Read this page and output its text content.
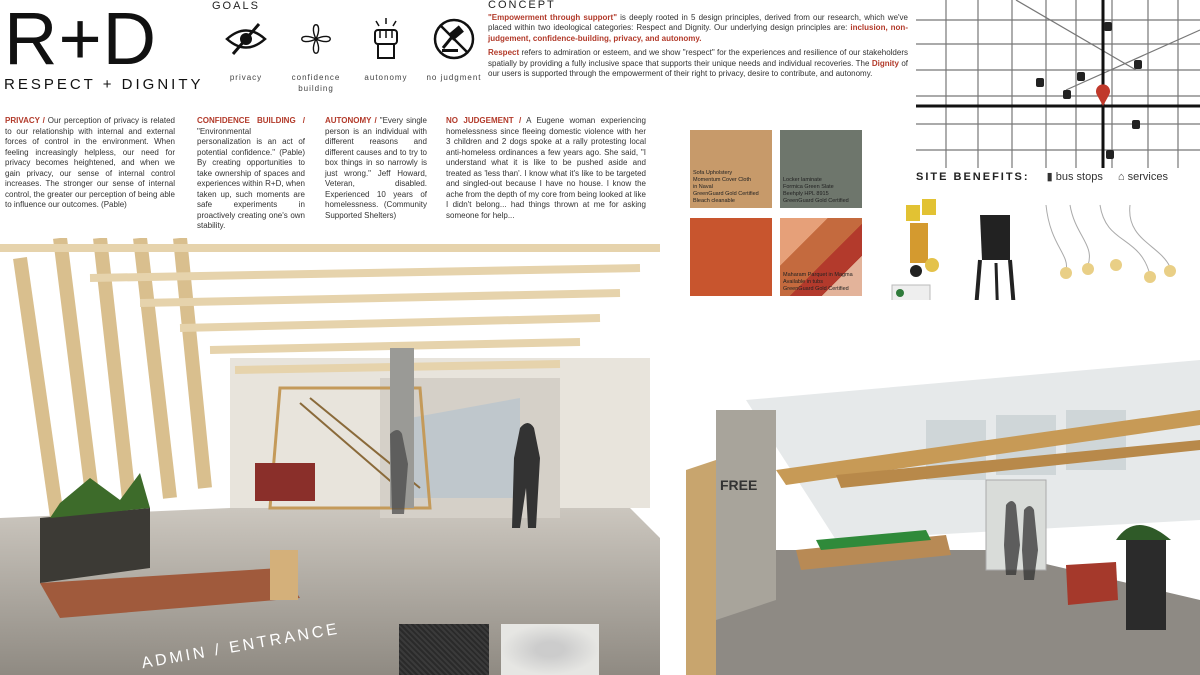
R+D
RESPECT + DIGNITY
GOALS
privacy	confidence building
autonomy	no judgment
CONCEPT

"Empowerment through support" is deeply rooted in 5 design principles, derived from our research, which we've placed within two ideological categories: Respect and Dignity. Our underlying design principles are: inclusion, non-judgement, confidence-building, privacy, and autonomy.

Respect refers to admiration or esteem, and we show "respect" for the experiences and resilience of our stakeholders spatially by providing a fully inclusive space that supports their unique needs and individual recoveries. The Dignity of our users is supported through the empowerment of their right to privacy, desire to contribute, and autonomy.

PRIVACY / Our perception of privacy is related to our relationship with internal and external forces of control in the environment. When feeling increasingly helpless, our need for privacy becomes heightened, and when we gain privacy, our sense of internal control increases. The stronger our sense of internal control, the greater our perception of being able to influence our outcomes. (Pable)
CONFIDENCE BUILDING / "Environmental personalization is an act of potential confidence." (Pable) By creating opportunities to take ownership of spaces and experiences within R+D, when taken up, such moments are safe experiments in proactively creating one's own stability.
AUTONOMY / "Every single person is an individual with different reasons and different causes and to try to box things in so narrowly is just wrong." Jeff Howard, Veteran, disabled. Experienced 10 years of homelessness. (Community Supported Shelters)
NO JUDGEMENT / A Eugene woman experiencing homelessness since fleeing domestic violence with her 3 children and 2 dogs spoke at a rally protesting local anti-homeless ordinances a few years ago. She said, "I understand what it is like to be pushed aside and treated as 'less than'. I know what it's like to be targeted and singled-out because I have no house. I know the ache from the depth of my core from being looked at like I didn't belong... had things thrown at me for asking someone for help...
SITE BENEFITS: ▮ bus stops ⌂ services
Sofa Upholstery
Momentum Cover Cloth
in Naval
GreenGuard Gold Certified
Bleach cleanable
Locker laminate
Formica Green Slate
Beehply HPL 8915
GreenGuard Gold Certified
Maharam Parquet in Magma
Available in tubs
GreenGuard Gold Certified
ADMIN / ENTRANCE
FREE
